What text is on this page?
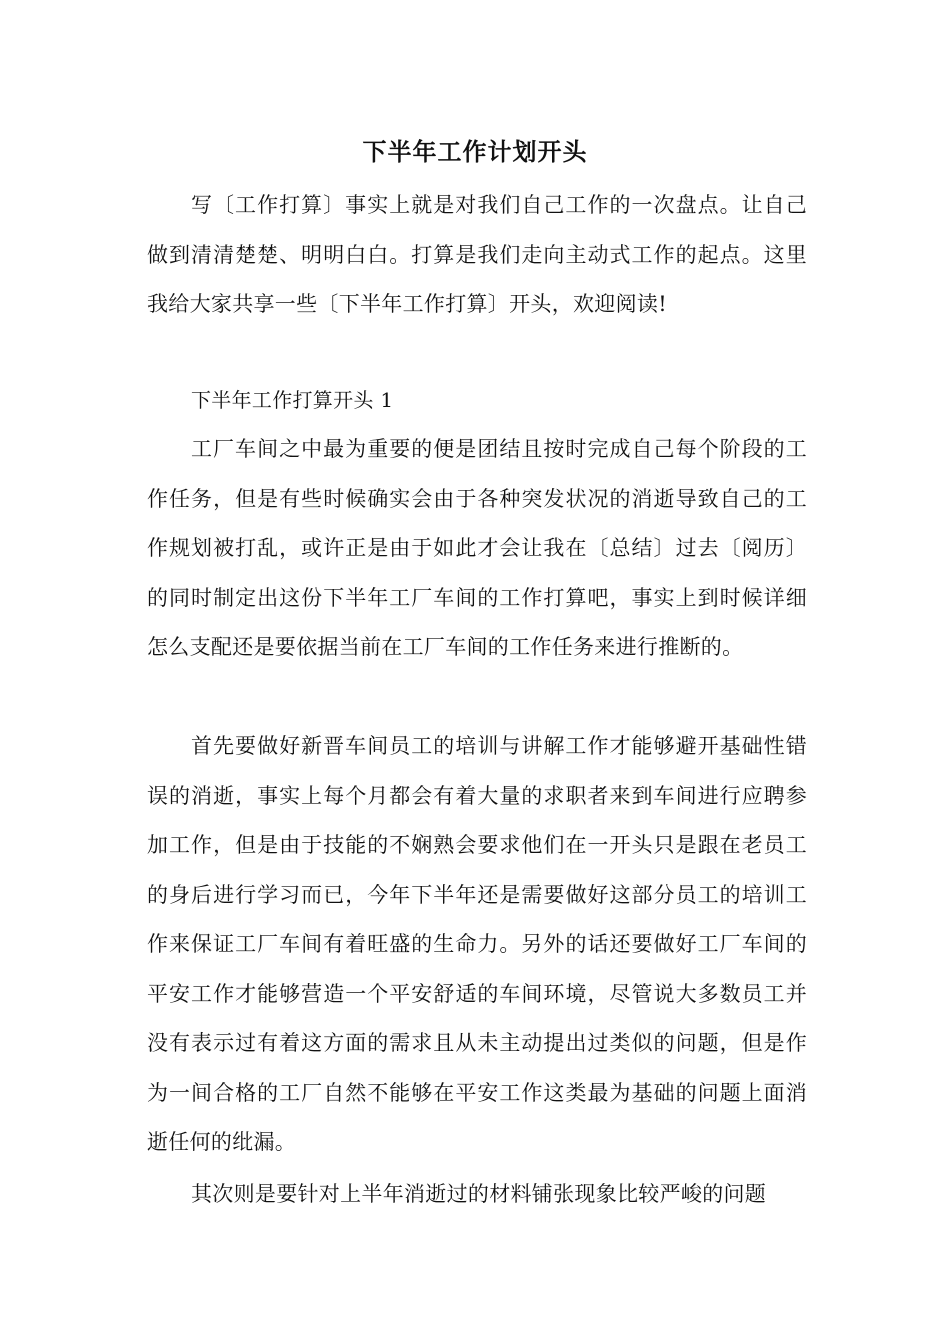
下半年工作计划开头
写〔工作打算〕事实上就是对我们自己工作的一次盘点。让自己做到清清楚楚、明明白白。打算是我们走向主动式工作的起点。这里我给大家共享一些〔下半年工作打算〕开头，欢迎阅读!
下半年工作打算开头 1
工厂车间之中最为重要的便是团结且按时完成自己每个阶段的工作任务，但是有些时候确实会由于各种突发状况的消逝导致自己的工作规划被打乱，或许正是由于如此才会让我在〔总结〕过去〔阅历〕的同时制定出这份下半年工厂车间的工作打算吧，事实上到时候详细怎么支配还是要依据当前在工厂车间的工作任务来进行推断的。
首先要做好新晋车间员工的培训与讲解工作才能够避开基础性错误的消逝，事实上每个月都会有着大量的求职者来到车间进行应聘参加工作，但是由于技能的不娴熟会要求他们在一开头只是跟在老员工的身后进行学习而已，今年下半年还是需要做好这部分员工的培训工作来保证工厂车间有着旺盛的生命力。另外的话还要做好工厂车间的平安工作才能够营造一个平安舒适的车间环境，尽管说大多数员工并没有表示过有着这方面的需求且从未主动提出过类似的问题，但是作为一间合格的工厂自然不能够在平安工作这类最为基础的问题上面消逝任何的纰漏。
其次则是要针对上半年消逝过的材料铺张现象比较严峻的问题
